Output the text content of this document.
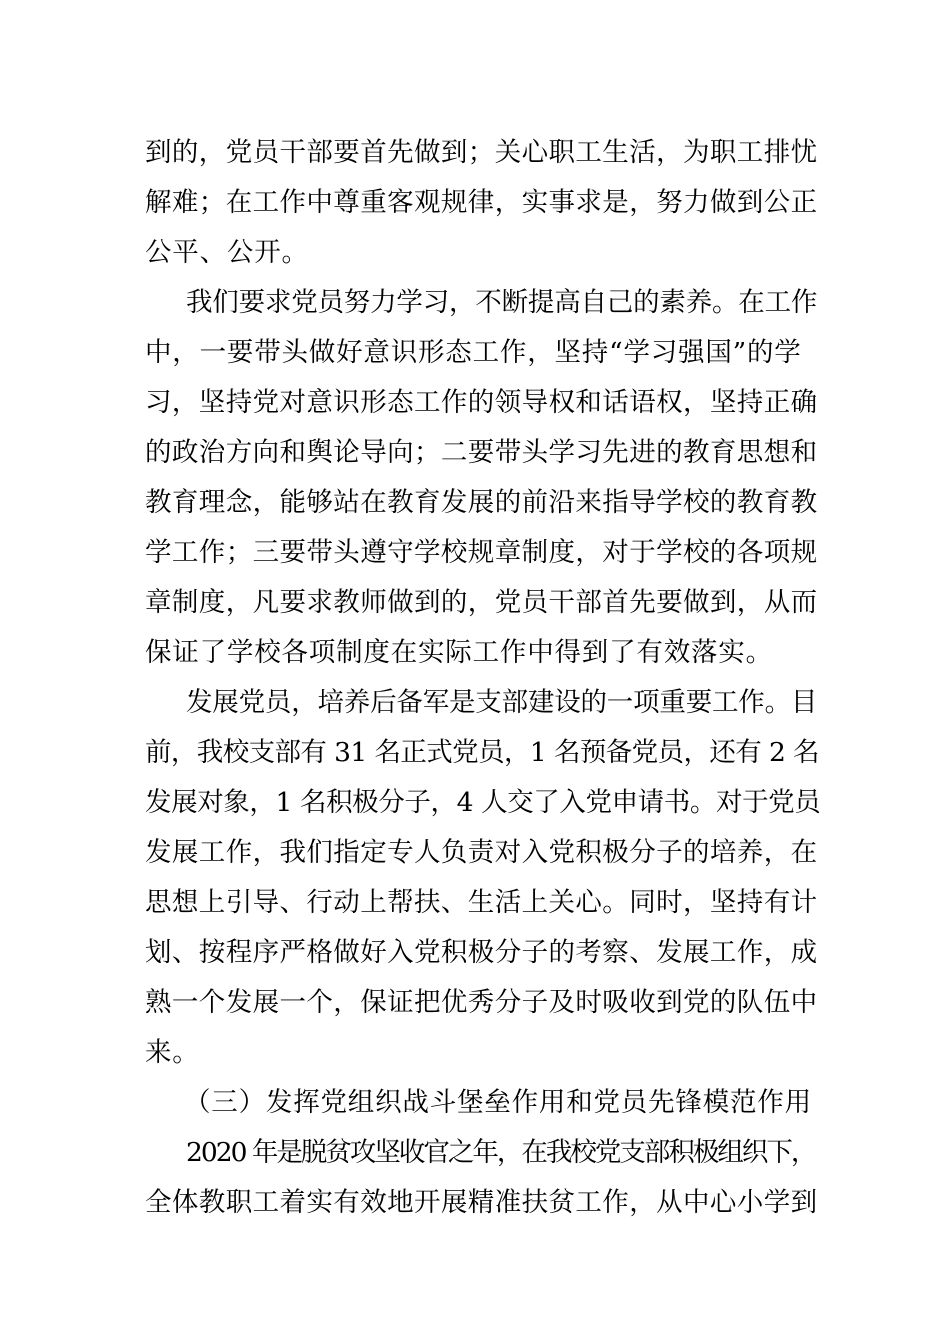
到的，党员干部要首先做到；关心职工生活，为职工排忧
解难；在工作中尊重客观规律，实事求是，努力做到公正
公平、公开。
我们要求党员努力学习，不断提高自己的素养。在工作
中，一要带头做好意识形态工作，坚持“学习强国”的学
习，坚持党对意识形态工作的领导权和话语权，坚持正确
的政治方向和舆论导向；二要带头学习先进的教育思想和
教育理念，能够站在教育发展的前沿来指导学校的教育教
学工作；三要带头遵守学校规章制度，对于学校的各项规
章制度，凡要求教师做到的，党员干部首先要做到，从而
保证了学校各项制度在实际工作中得到了有效落实。
发展党员，培养后备军是支部建设的一项重要工作。目
前，我校支部有 31 名正式党员，1 名预备党员，还有 2 名
发展对象，1 名积极分子，4 人交了入党申请书。对于党员
发展工作，我们指定专人负责对入党积极分子的培养，在
思想上引导、行动上帮扶、生活上关心。同时，坚持有计
划、按程序严格做好入党积极分子的考察、发展工作，成
熟一个发展一个，保证把优秀分子及时吸收到党的队伍中
来。
（三）发挥党组织战斗堡垒作用和党员先锋模范作用
2020 年是脱贫攻坚收官之年，在我校党支部积极组织下，
全体教职工着实有效地开展精准扶贫工作，从中心小学到
